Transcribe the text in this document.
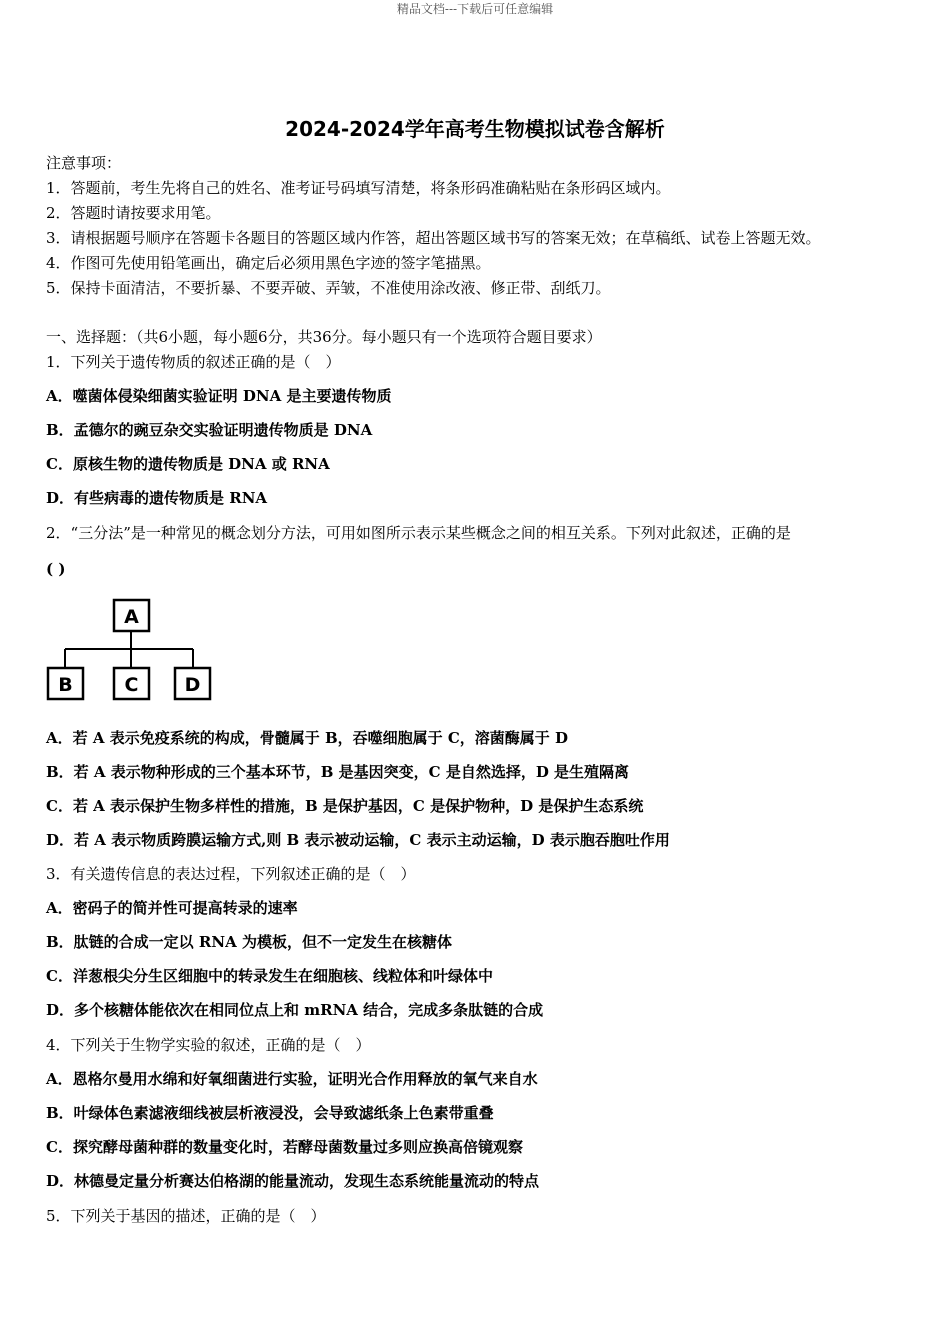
精品文档---下载后可任意编辑
2024-2024学年高考生物模拟试卷含解析
注意事项：
1．答题前，考生先将自己的姓名、准考证号码填写清楚，将条形码准确粘贴在条形码区域内。
2．答题时请按要求用笔。
3．请根据题号顺序在答题卡各题目的答题区域内作答，超出答题区域书写的答案无效；在草稿纸、试卷上答题无效。
4．作图可先使用铅笔画出，确定后必须用黑色字迹的签字笔描黑。
5．保持卡面清洁，不要折暴、不要弄破、弄皱，不准使用涂改液、修正带、刮纸刀。
一、选择题：（共6小题，每小题6分，共36分。每小题只有一个选项符合题目要求）
1．下列关于遗传物质的叙述正确的是（　）
A．噬菌体侵染细菌实验证明 DNA 是主要遗传物质
B．孟德尔的豌豆杂交实验证明遗传物质是 DNA
C．原核生物的遗传物质是 DNA 或 RNA
D．有些病毒的遗传物质是 RNA
2．“三分法”是一种常见的概念划分方法，可用如图所示表示某些概念之间的相互关系。下列对此叙述，正确的是
( )
A
B	C D
A．若 A 表示免疫系统的构成，骨髓属于 B，吞噬细胞属于 C，溶菌酶属于 D
B．若 A 表示物种形成的三个基本环节，B 是基因突变，C 是自然选择，D 是生殖隔离
C．若 A 表示保护生物多样性的措施，B 是保护基因，C 是保护物种，D 是保护生态系统
D．若 A 表示物质跨膜运输方式,则 B 表示被动运输，C 表示主动运输，D 表示胞吞胞吐作用
3．有关遗传信息的表达过程，下列叙述正确的是（　）
A．密码子的简并性可提高转录的速率
B．肽链的合成一定以 RNA 为模板，但不一定发生在核糖体
C．洋葱根尖分生区细胞中的转录发生在细胞核、线粒体和叶绿体中
D．多个核糖体能依次在相同位点上和 mRNA 结合，完成多条肽链的合成
4．下列关于生物学实验的叙述，正确的是（　）
A．恩格尔曼用水绵和好氧细菌进行实验，证明光合作用释放的氧气来自水
B．叶绿体色素滤液细线被层析液浸没，会导致滤纸条上色素带重叠
C．探究酵母菌种群的数量变化时，若酵母菌数量过多则应换高倍镜观察
D．林德曼定量分析赛达伯格湖的能量流动，发现生态系统能量流动的特点
5．下列关于基因的描述，正确的是（　）
